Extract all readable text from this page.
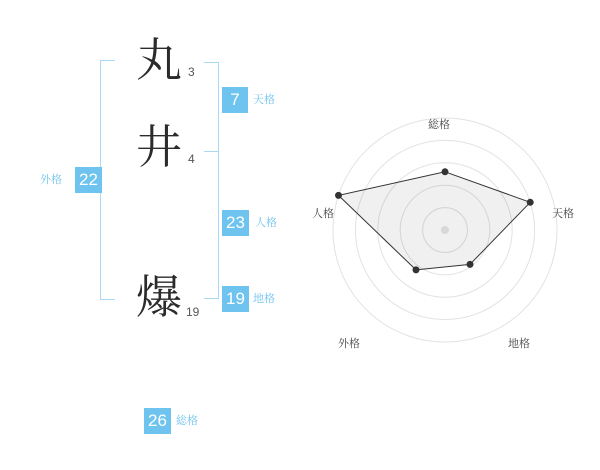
丸 3
井 4
爆 19
7	天格
23 人格
19 地格
22
外格
26 総格
総格
天格
地格
外格
人格
